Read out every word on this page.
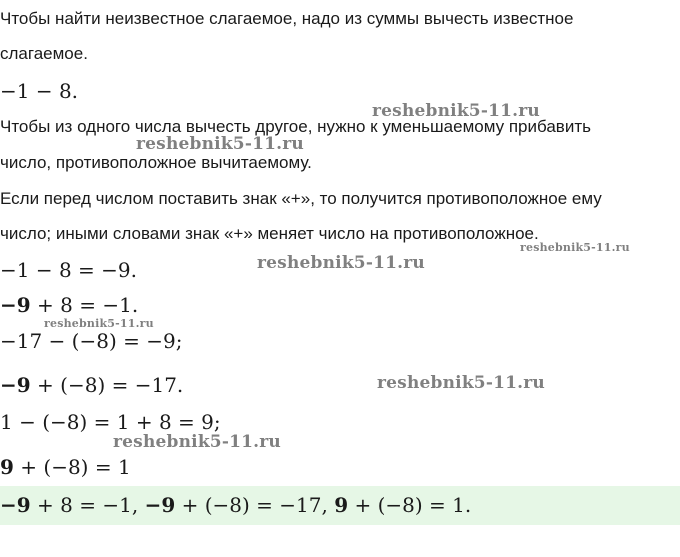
Чтобы найти неизвестное слагаемое, надо из суммы вычесть известное
слагаемое.
−1 − 8.
Чтобы из одного числа вычесть другое, нужно к уменьшаемому прибавить
число, противоположное вычитаемому.
Если перед числом поставить знак «+», то получится противоположное ему
число; иными словами знак «+» меняет число на противоположное.
−1 − 8 = −9.
−9 + 8 = −1.
−17 − (−8) = −9;
−9 + (−8) = −17.
1 − (−8) = 1 + 8 = 9;
9 + (−8) = 1
−9 + 8 = −1, −9 + (−8) = −17, 9 + (−8) = 1.
reshebnik5-11.ru
reshebnik5-11.ru
reshebnik5-11.ru
reshebnik5-11.ru
reshebnik5-11.ru
reshebnik5-11.ru
reshebnik5-11.ru
